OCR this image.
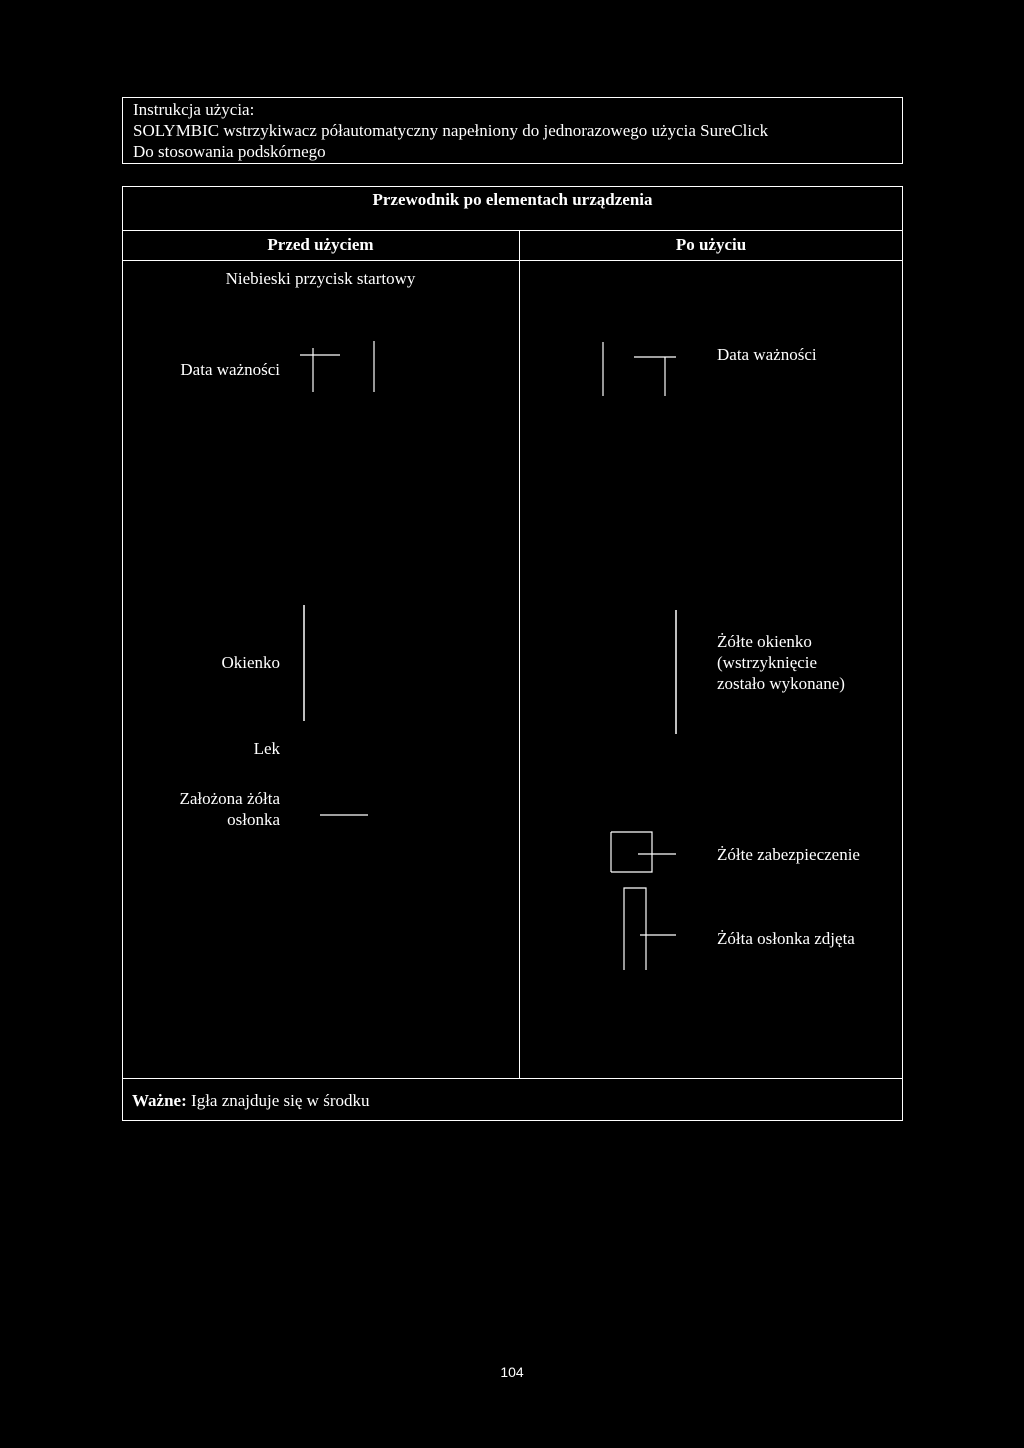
Instrukcja użycia:
SOLYMBIC wstrzykiwacz półautomatyczny napełniony do jednorazowego użycia SureClick
Do stosowania podskórnego
Przewodnik po elementach urządzenia
Przed użyciem	Po użyciu
Niebieski przycisk startowy
Data ważności
Okienko
Lek
Założona żółta
osłonka
Data ważności
Żółte okienko
(wstrzyknięcie
zostało wykonane)
Żółte zabezpieczenie
Żółta osłonka zdjęta
Ważne: Igła znajduje się w środku
104
